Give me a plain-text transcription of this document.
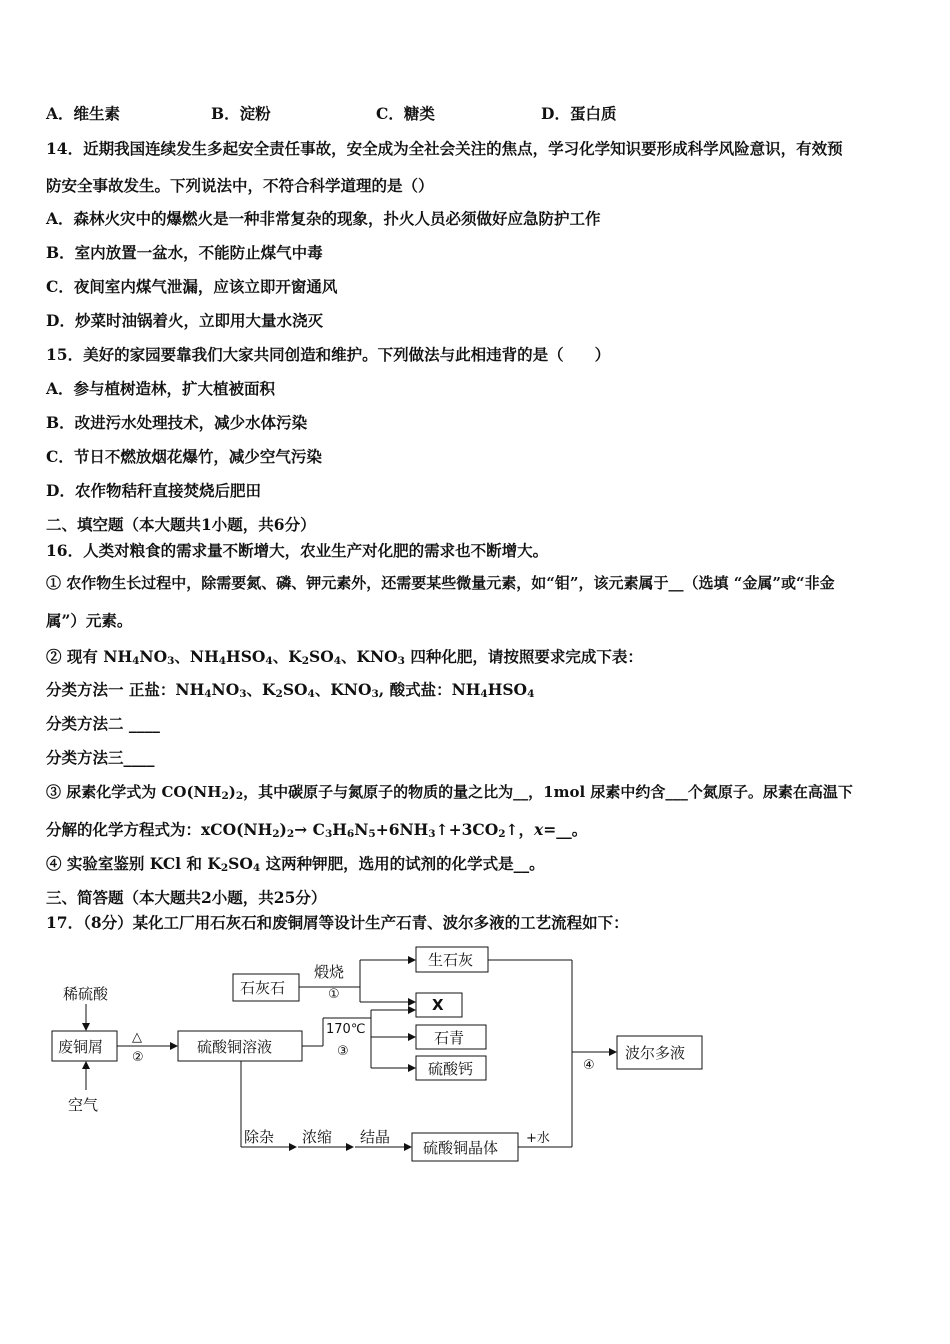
A．维生素	B．淀粉	C．糖类	D．蛋白质
14．近期我国连续发生多起安全责任事故，安全成为全社会关注的焦点，学习化学知识要形成科学风险意识，有效预
防安全事故发生。下列说法中，不符合科学道理的是（）
A．森林火灾中的爆燃火是一种非常复杂的现象，扑火人员必须做好应急防护工作
B．室内放置一盆水，不能防止煤气中毒
C．夜间室内煤气泄漏，应该立即开窗通风
D．炒菜时油锅着火，立即用大量水浇灭
15．美好的家园要靠我们大家共同创造和维护。下列做法与此相违背的是（　　）
A．参与植树造林，扩大植被面积
B．改进污水处理技术，减少水体污染
C．节日不燃放烟花爆竹，减少空气污染
D．农作物秸秆直接焚烧后肥田
二、填空题（本大题共1小题，共6分）
16．人类对粮食的需求量不断增大，农业生产对化肥的需求也不断增大。
① 农作物生长过程中，除需要氮、磷、钾元素外，还需要某些微量元素，如“钼”，该元素属于__（选填 “金属”或“非金
属”）元素。
② 现有 NH4NO3、NH4HSO4、K2SO4、KNO3 四种化肥，请按照要求完成下表：
分类方法一 正盐：NH4NO3、K2SO4、KNO3, 酸式盐：NH4HSO4
分类方法二 ____
分类方法三____
③ 尿素化学式为 CO(NH2)2，其中碳原子与氮原子的物质的量之比为__，1mol 尿素中约含___个氮原子。尿素在高温下
分解的化学方程式为：xCO(NH2)2→ C3H6N5+6NH3↑+3CO2↑，x=__。
④ 实验室鉴别 KCl 和 K2SO4 这两种钾肥，选用的试剂的化学式是__。
三、简答题（本大题共2小题，共25分）
17．（8分）某化工厂用石灰石和废铜屑等设计生产石青、波尔多液的工艺流程如下：
稀硫酸
废铜屑
空气
△
②
硫酸铜溶液
石灰石
煅烧
①
170℃
③
生石灰
X
石青
硫酸钙	④
波尔多液
除杂 浓缩 结晶
硫酸铜晶体
+水
